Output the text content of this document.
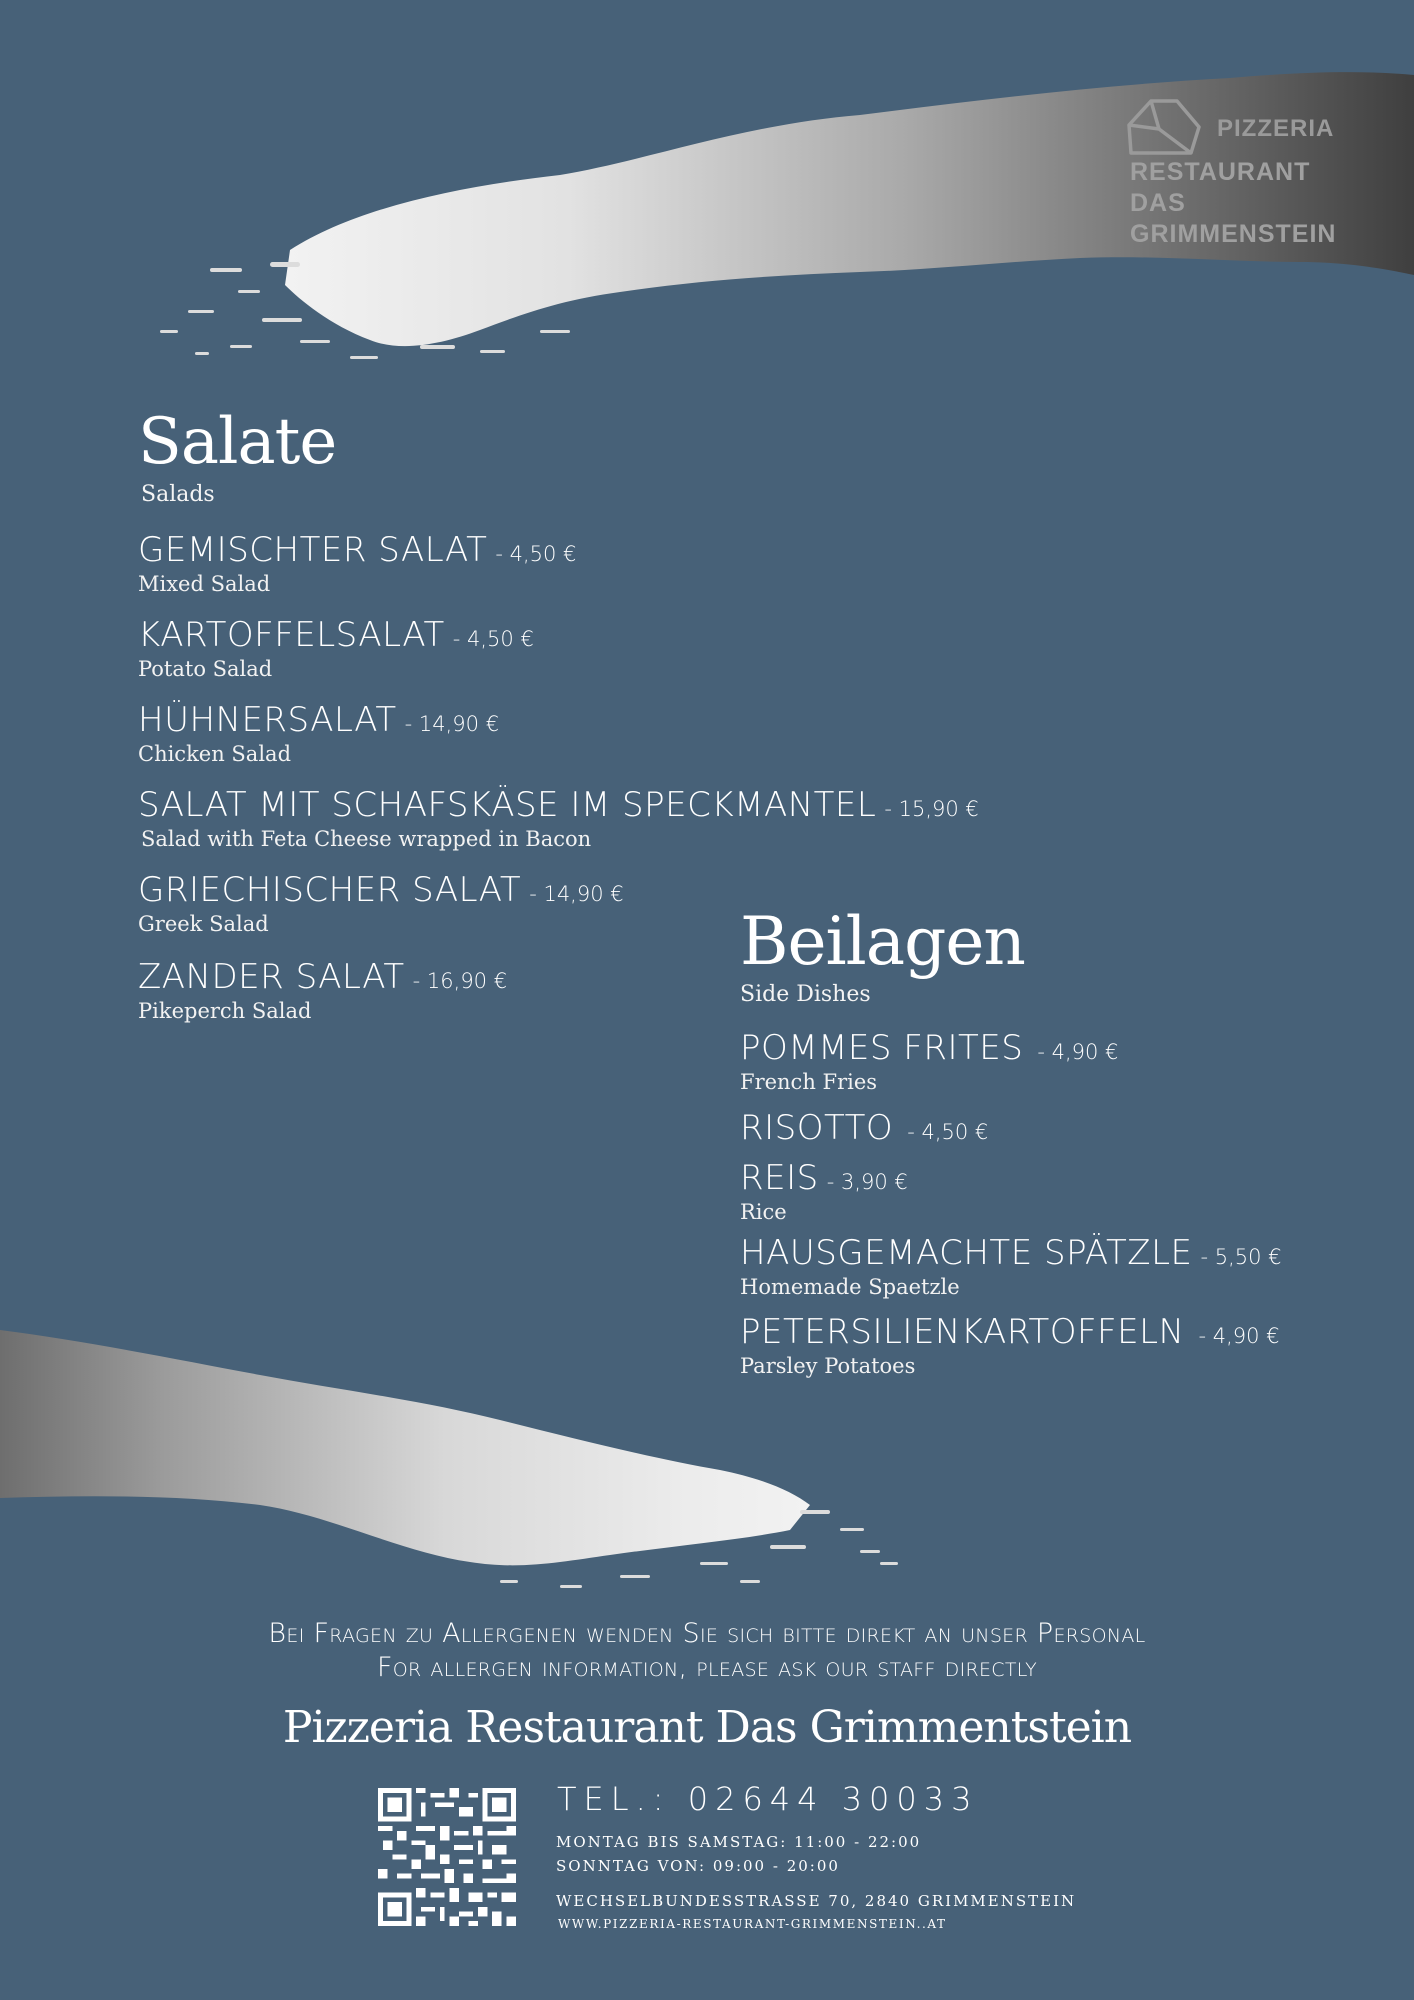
PIZZERIA
RESTAURANT
DAS
GRIMMENSTEIN
Salate
Salads
GEMISCHTER SALAT - 4,50 €
Mixed Salad
KARTOFFELSALAT - 4,50 €
Potato Salad
HÜHNERSALAT - 14,90 €
Chicken Salad
SALAT MIT SCHAFSKÄSE IM SPECKMANTEL - 15,90 €
Salad with Feta Cheese wrapped in Bacon
GRIECHISCHER SALAT - 14,90 €
Greek Salad
ZANDER SALAT - 16,90 €
Pikeperch Salad
Beilagen
Side Dishes
POMMES FRITES - 4,90 €
French Fries
RISOTTO - 4,50 €
REIS - 3,90 €
Rice
HAUSGEMACHTE SPÄTZLE - 5,50 €
Homemade Spaetzle
PETERSILIENKARTOFFELN - 4,90 €
Parsley Potatoes
Bei Fragen zu Allergenen wenden Sie sich bitte direkt an unser Personal
For allergen information, please ask our staff directly
Pizzeria Restaurant Das Grimmentstein
TEL.: 02644 30033
MONTAG BIS SAMSTAG: 11:00 - 22:00
SONNTAG VON: 09:00 - 20:00
WECHSELBUNDESSTRASSE 70, 2840 GRIMMENSTEIN
WWW.PIZZERIA-RESTAURANT-GRIMMENSTEIN..AT
